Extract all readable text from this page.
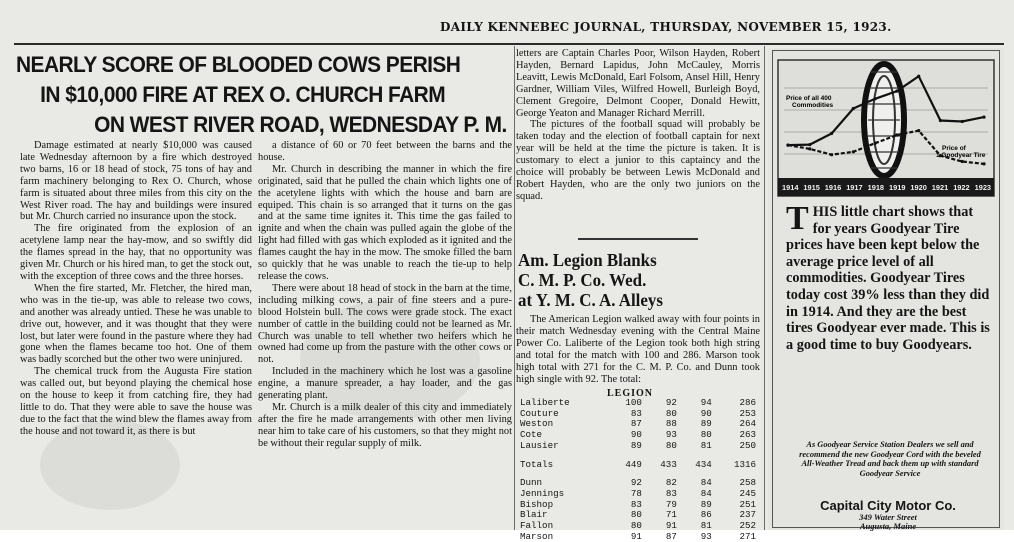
DAILY KENNEBEC JOURNAL, THURSDAY, NOVEMBER 15, 1923.
NEARLY SCORE OF BLOODED COWS PERISH
IN $10,000 FIRE AT REX O. CHURCH FARM
ON WEST RIVER ROAD, WEDNESDAY P. M.

Damage estimated at nearly $10,000 was caused late Wednesday afternoon by a fire which destroyed two barns, 16 or 18 head of stock, 75 tons of hay and farm machinery belonging to Rex O. Church, whose farm is situated about three miles from this city on the West River road. The hay and buildings were insured but Mr. Church carried no insurance upon the stock.

The fire originated from the explosion of an acetylene lamp near the hay-mow, and so swiftly did the flames spread in the hay, that no opportunity was given Mr. Church or his hired man, to get the stock out, with the exception of three cows and the three horses.

When the fire started, Mr. Fletcher, the hired man, who was in the tie-up, was able to release two cows, and another was already untied. These he was unable to drive out, however, and it was thought that they were lost, but later were found in the pasture where they had gone when the flames became too hot. One of them was badly scorched but the other two were uninjured.

The chemical truck from the Augusta Fire station was called out, but beyond playing the chemical hose on the house to keep it from catching fire, they had little to do. That they were able to save the house was due to the fact that the wind blew the flames away from the house and not toward it, as there is but

a distance of 60 or 70 feet between the barns and the house.

Mr. Church in describing the manner in which the fire originated, said that he pulled the chain which lights one of the acetylene lights with which the house and barn are equiped. This chain is so arranged that it turns on the gas and at the same time ignites it. This time the gas failed to ignite and when the chain was pulled again the globe of the light had filled with gas which exploded as it ignited and the flames caught the hay in the mow. The smoke filled the barn so quickly that he was unable to reach the tie-up to help release the cows.

There were about 18 head of stock in the barn at the time, including milking cows, a pair of fine steers and a pure-blood Holstein bull. The cows were grade stock. The exact number of cattle in the building could not be learned as Mr. Church was unable to tell whether two heifers which he owned had come up from the pasture with the other cows or not.

Included in the machinery which he lost was a gasoline engine, a manure spreader, a hay loader, and the gas generating plant.

Mr. Church is a milk dealer of this city and immediately after the fire he made arrangements with other men living near him to take care of his customers, so that they might not be without their regular supply of milk.

letters are Captain Charles Poor, Wilson Hayden, Robert Hayden, Bernard Lapidus, John McCauley, Morris Leavitt, Lewis McDonald, Earl Folsom, Ansel Hill, Henry Gardner, William Viles, Wilfred Howell, Burleigh Boyd, Clement Gregoire, Delmont Cooper, Donald Hewitt, George Yeaton and Manager Richard Merrill.

The pictures of the football squad will probably be taken today and the election of football captain for next year will be held at the time the picture is taken. It is customary to elect a junior to this captaincy and the choice will probably be between Lewis McDonald and Robert Hayden, who are the only two juniors on the squad.

Am. Legion Blanks
C. M. P. Co. Wed.
at Y. M. C. A. Alleys

The American Legion walked away with four points in their match Wednesday evening with the Central Maine Power Co. Laliberte of the Legion took both high string and total for the match with 100 and 286. Marson took high total with 271 for the C. M. P. Co. and Dunn took high single with 92. The total:

LEGION
Laliberte	100	92	94	286
Couture	83	80	90	253
Weston	87	88	89	264
Cote	90	93	80	263
Lausier	89	80	81	250

Totals	449	433	434	1316

Dunn	92	82	84	258
Jennings	78	83	84	245
Bishop	83	79	89	251
Blair	80	71	86	237
Fallon	80	91	81	252
Marson	91	87	93	271
Price of all 400
Commodities
Price of
1 Goodyear Tire
1914 1915 1916 1917 1918 1919 1920 1921 1922 1923
THIS little chart shows that for years Goodyear Tire prices have been kept below the average price level of all commodities. Goodyear Tires today cost 39% less than they did in 1914. And they are the best tires Goodyear ever made. This is a good time to buy Goodyears.
As Goodyear Service Station Dealers we sell and recommend the new Goodyear Cord with the beveled All-Weather Tread and back them up with standard Goodyear Service
Capital City Motor Co.
349 Water Street
Augusta, Maine
